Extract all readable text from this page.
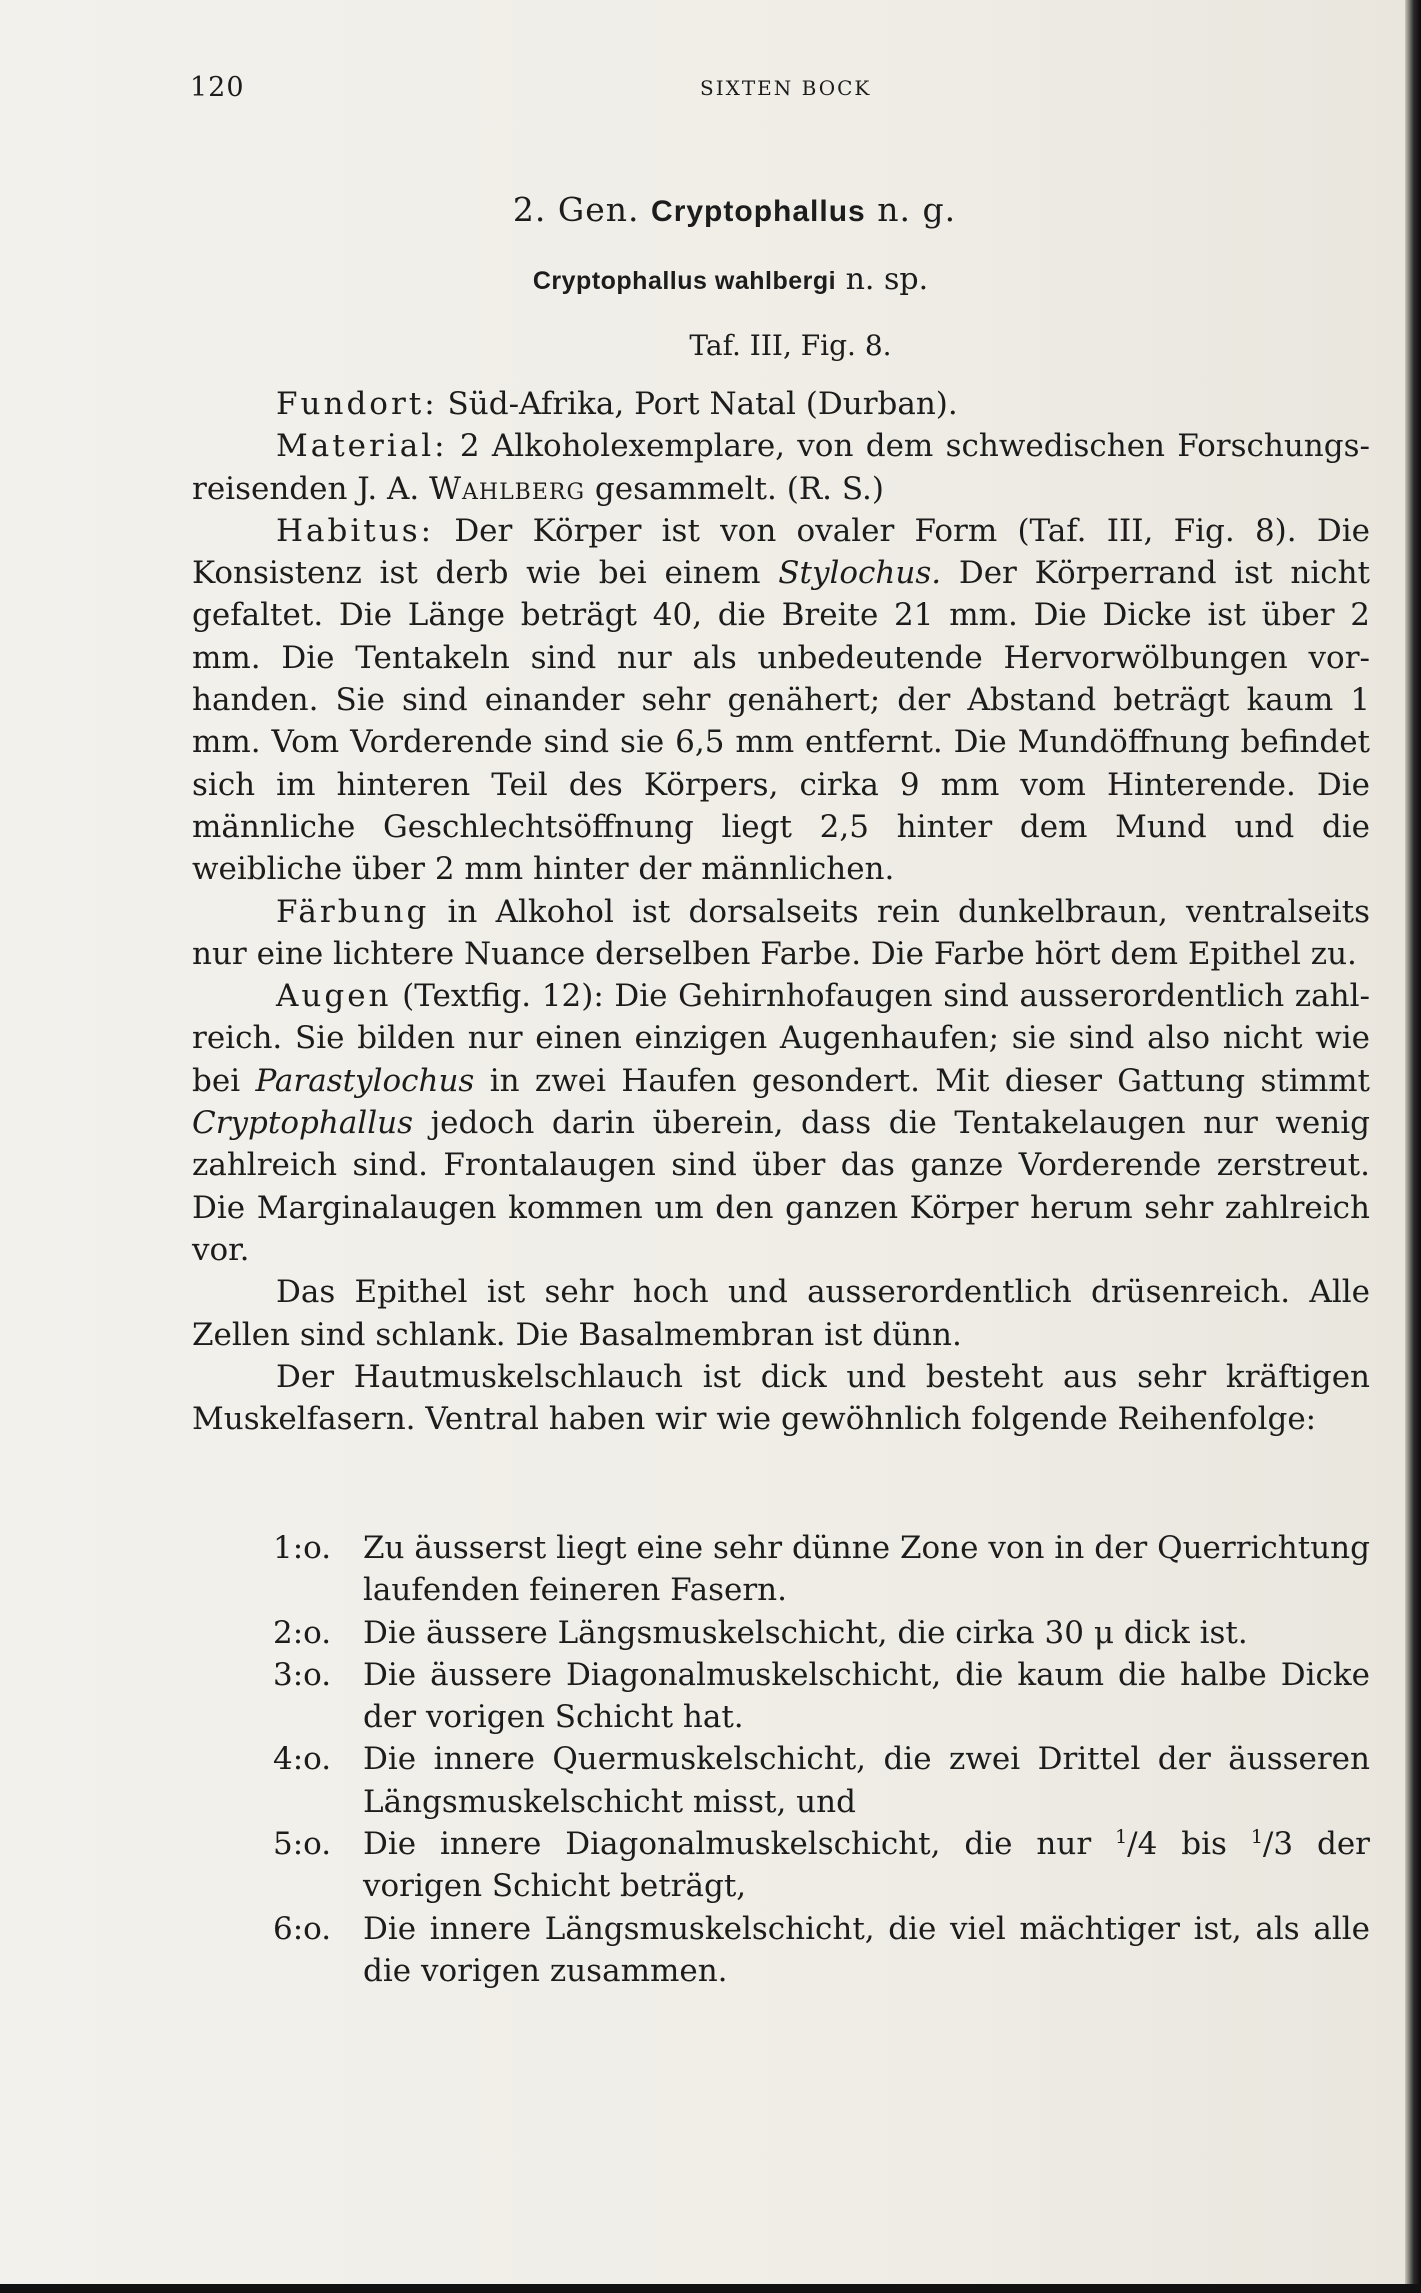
120	SIXTEN BOCK
2. Gen. Cryptophallus n. g.
Cryptophallus wahlbergi n. sp.
Taf. III, Fig. 8.

Fundort: Süd-Afrika, Port Natal (Durban).

Material: 2 Alkoholexemplare, von dem schwedischen Forschungsreisenden J. A. Wahlberg gesammelt. (R. S.)

Habitus: Der Körper ist von ovaler Form (Taf. III, Fig. 8). Die Konsistenz ist derb wie bei einem Stylochus. Der Körperrand ist nicht gefaltet. Die Länge beträgt 40, die Breite 21 mm. Die Dicke ist über 2 mm. Die Tentakeln sind nur als unbedeutende Hervorwölbungen vorhanden. Sie sind einander sehr genähert; der Abstand beträgt kaum 1 mm. Vom Vorderende sind sie 6,5 mm entfernt. Die Mundöffnung befindet sich im hinteren Teil des Körpers, cirka 9 mm vom Hinterende. Die männliche Geschlechtsöffnung liegt 2,5 hinter dem Mund und die weibliche über 2 mm hinter der männlichen.

Färbung in Alkohol ist dorsalseits rein dunkelbraun, ventralseits nur eine lichtere Nuance derselben Farbe. Die Farbe hört dem Epithel zu.

Augen (Textfig. 12): Die Gehirnhofaugen sind ausserordentlich zahlreich. Sie bilden nur einen einzigen Augenhaufen; sie sind also nicht wie bei Parastylochus in zwei Haufen gesondert. Mit dieser Gattung stimmt Cryptophallus jedoch darin überein, dass die Tentakelaugen nur wenig zahlreich sind. Frontalaugen sind über das ganze Vorderende zerstreut. Die Marginalaugen kommen um den ganzen Körper herum sehr zahlreich vor.

Das Epithel ist sehr hoch und ausserordentlich drüsenreich. Alle Zellen sind schlank. Die Basalmembran ist dünn.

Der Hautmuskelschlauch ist dick und besteht aus sehr kräftigen Muskelfasern. Ventral haben wir wie gewöhnlich folgende Reihenfolge:

1:o. Zu äusserst liegt eine sehr dünne Zone von in der Querrichtung laufenden feineren Fasern.
2:o. Die äussere Längsmuskelschicht, die cirka 30 μ dick ist.
3:o. Die äussere Diagonalmuskelschicht, die kaum die halbe Dicke der vorigen Schicht hat.
4:o. Die innere Quermuskelschicht, die zwei Drittel der äusseren Längsmuskelschicht misst, und
5:o. Die innere Diagonalmuskelschicht, die nur $^1$/4 bis $^1$/3 der vorigen Schicht beträgt,
6:o. Die innere Längsmuskelschicht, die viel mächtiger ist, als alle die vorigen zusammen.
